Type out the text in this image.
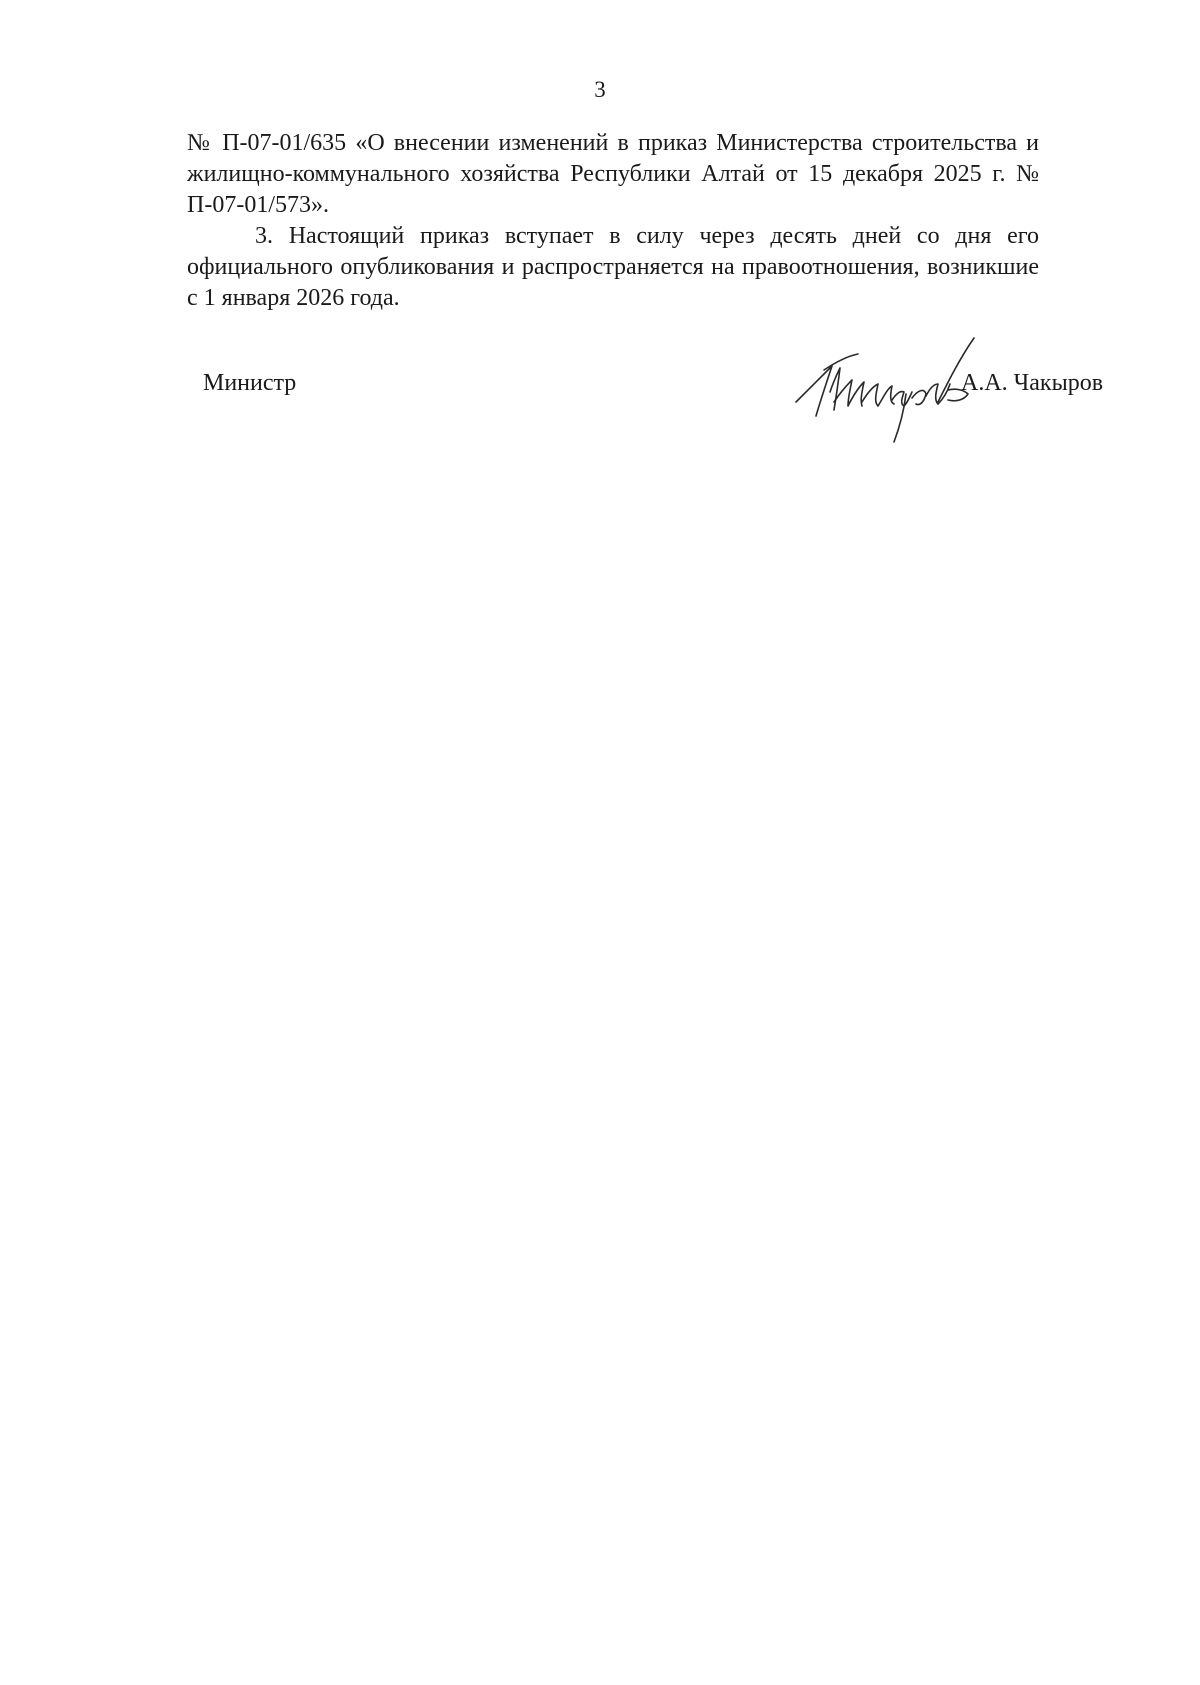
3

№ П-07-01/635 «О внесении изменений в приказ Министерства строительства и жилищно-коммунального хозяйства Республики Алтай от 15 декабря 2025 г. № П-07-01/573».

3. Настоящий приказ вступает в силу через десять дней со дня его официального опубликования и распространяется на правоотношения, возникшие с 1 января 2026 года.

Министр	А.А. Чакыров
